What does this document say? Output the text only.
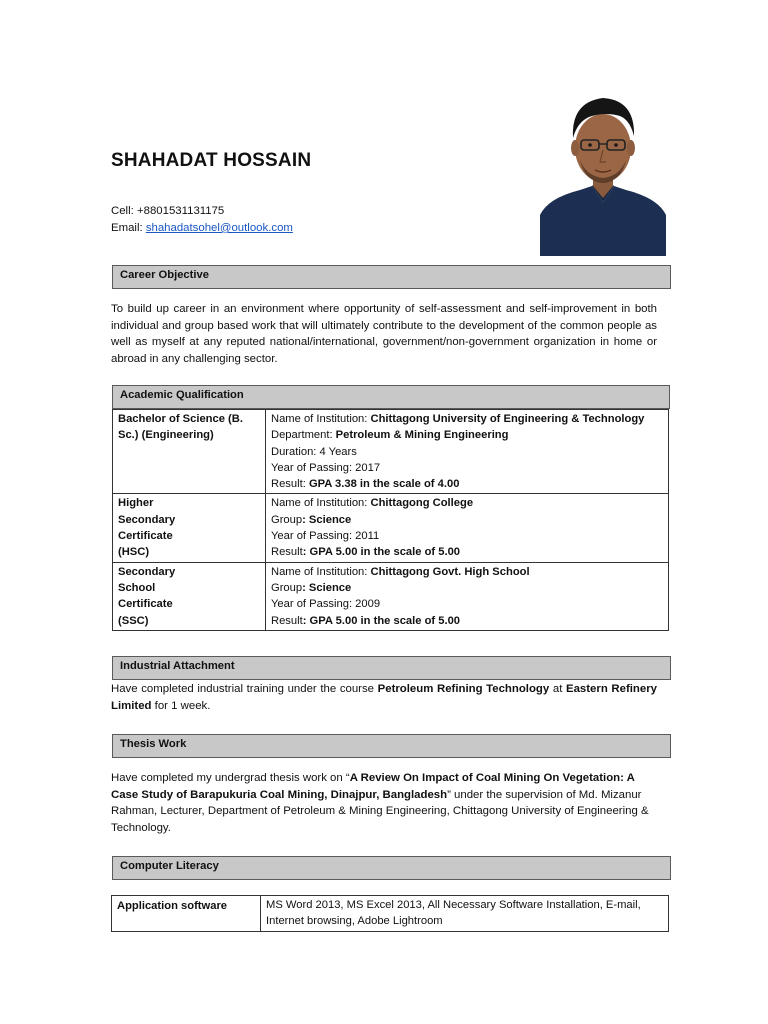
SHAHADAT HOSSAIN
Cell: +8801531131175
Email: shahadatsohel@outlook.com
Career Objective
To build up career in an environment where opportunity of self-assessment and self-improvement in both individual and group based work that will ultimately contribute to the development of the common people as well as myself at any reputed national/international, government/non-government organization in home or abroad in any challenging sector.
Academic Qualification
Bachelor of Science (B. Sc.) (Engineering)	Name of Institution: Chittagong University of Engineering & Technology
Department: Petroleum & Mining Engineering
Duration: 4 Years
Year of Passing: 2017
Result: GPA 3.38 in the scale of 4.00

Higher Secondary Certificate (HSC)	Name of Institution: Chittagong College
Group: Science
Year of Passing: 2011
Result: GPA 5.00 in the scale of 5.00

Secondary School Certificate (SSC)	Name of Institution: Chittagong Govt. High School
Group: Science
Year of Passing: 2009
Result: GPA 5.00 in the scale of 5.00
Industrial Attachment
Have completed industrial training under the course Petroleum Refining Technology at Eastern Refinery Limited for 1 week.
Thesis Work
Have completed my undergrad thesis work on “A Review On Impact of Coal Mining On Vegetation: A Case Study of Barapukuria Coal Mining, Dinajpur, Bangladesh” under the supervision of Md. Mizanur Rahman, Lecturer, Department of Petroleum & Mining Engineering, Chittagong University of Engineering & Technology.
Computer Literacy
Application software	MS Word 2013, MS Excel 2013, All Necessary Software Installation, E-mail, Internet browsing, Adobe Lightroom
